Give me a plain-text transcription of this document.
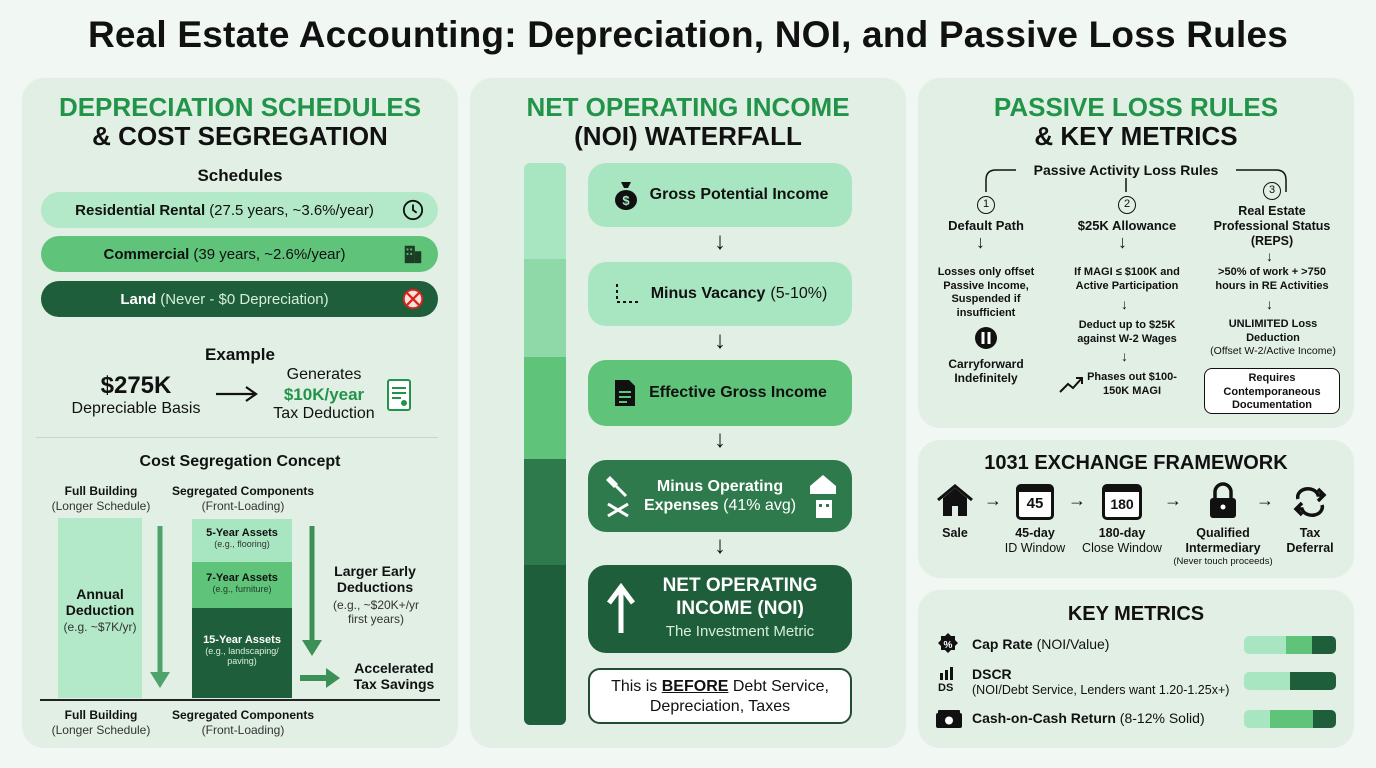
Real Estate Accounting: Depreciation, NOI, and Passive Loss Rules
DEPRECIATION SCHEDULES
& COST SEGREGATION
Schedules
Residential Rental (27.5 years, ~3.6%/year)
Commercial (39 years, ~2.6%/year)
Land (Never - $0 Depreciation)
Example
$275K
Depreciable Basis
Generates
$10K/year
Tax Deduction
Cost Segregation Concept
Full Building
(Longer Schedule)
Segregated Components
(Front-Loading)
Annual Deduction
(e.g. ~$7K/yr)
5-Year Assets
(e.g., flooring)
7-Year Assets
(e.g., furniture)
15-Year Assets
(e.g., landscaping/ paving)
Larger Early Deductions
(e.g., ~$20K+/yr first years)
Accelerated Tax Savings
Full Building
(Longer Schedule)
Segregated Components
(Front-Loading)
NET OPERATING INCOME
(NOI) WATERFALL
$ Gross Potential Income
↓
Minus Vacancy (5-10%)
↓
Effective Gross Income
↓
Minus Operating
Expenses (41% avg)
↓
NET OPERATING
INCOME (NOI)
The Investment Metric
This is BEFORE Debt Service,
Depreciation, Taxes
PASSIVE LOSS RULES
& KEY METRICS
Passive Activity Loss Rules
1
Default Path
↓
Losses only offset Passive Income, Suspended if insufficient
Carryforward Indefinitely
2
$25K Allowance
↓
If MAGI ≤ $100K and Active Participation
↓
Deduct up to $25K against W-2 Wages
↓
Phases out $100-150K MAGI
3
Real Estate Professional Status (REPS)
↓
>50% of work + >750 hours in RE Activities
↓
UNLIMITED Loss Deduction
(Offset W-2/Active Income)
Requires Contemporaneous Documentation
1031 EXCHANGE FRAMEWORK
Sale
→	45
45-day
ID Window
→	180
180-day
Close Window
→
Qualified
Intermediary
(Never touch proceeds)
→
Tax
Deferral
KEY METRICS
% Cap Rate (NOI/Value)
DS
DSCR
(NOI/Debt Service, Lenders want 1.20-1.25x+)
Cash-on-Cash Return (8-12% Solid)
